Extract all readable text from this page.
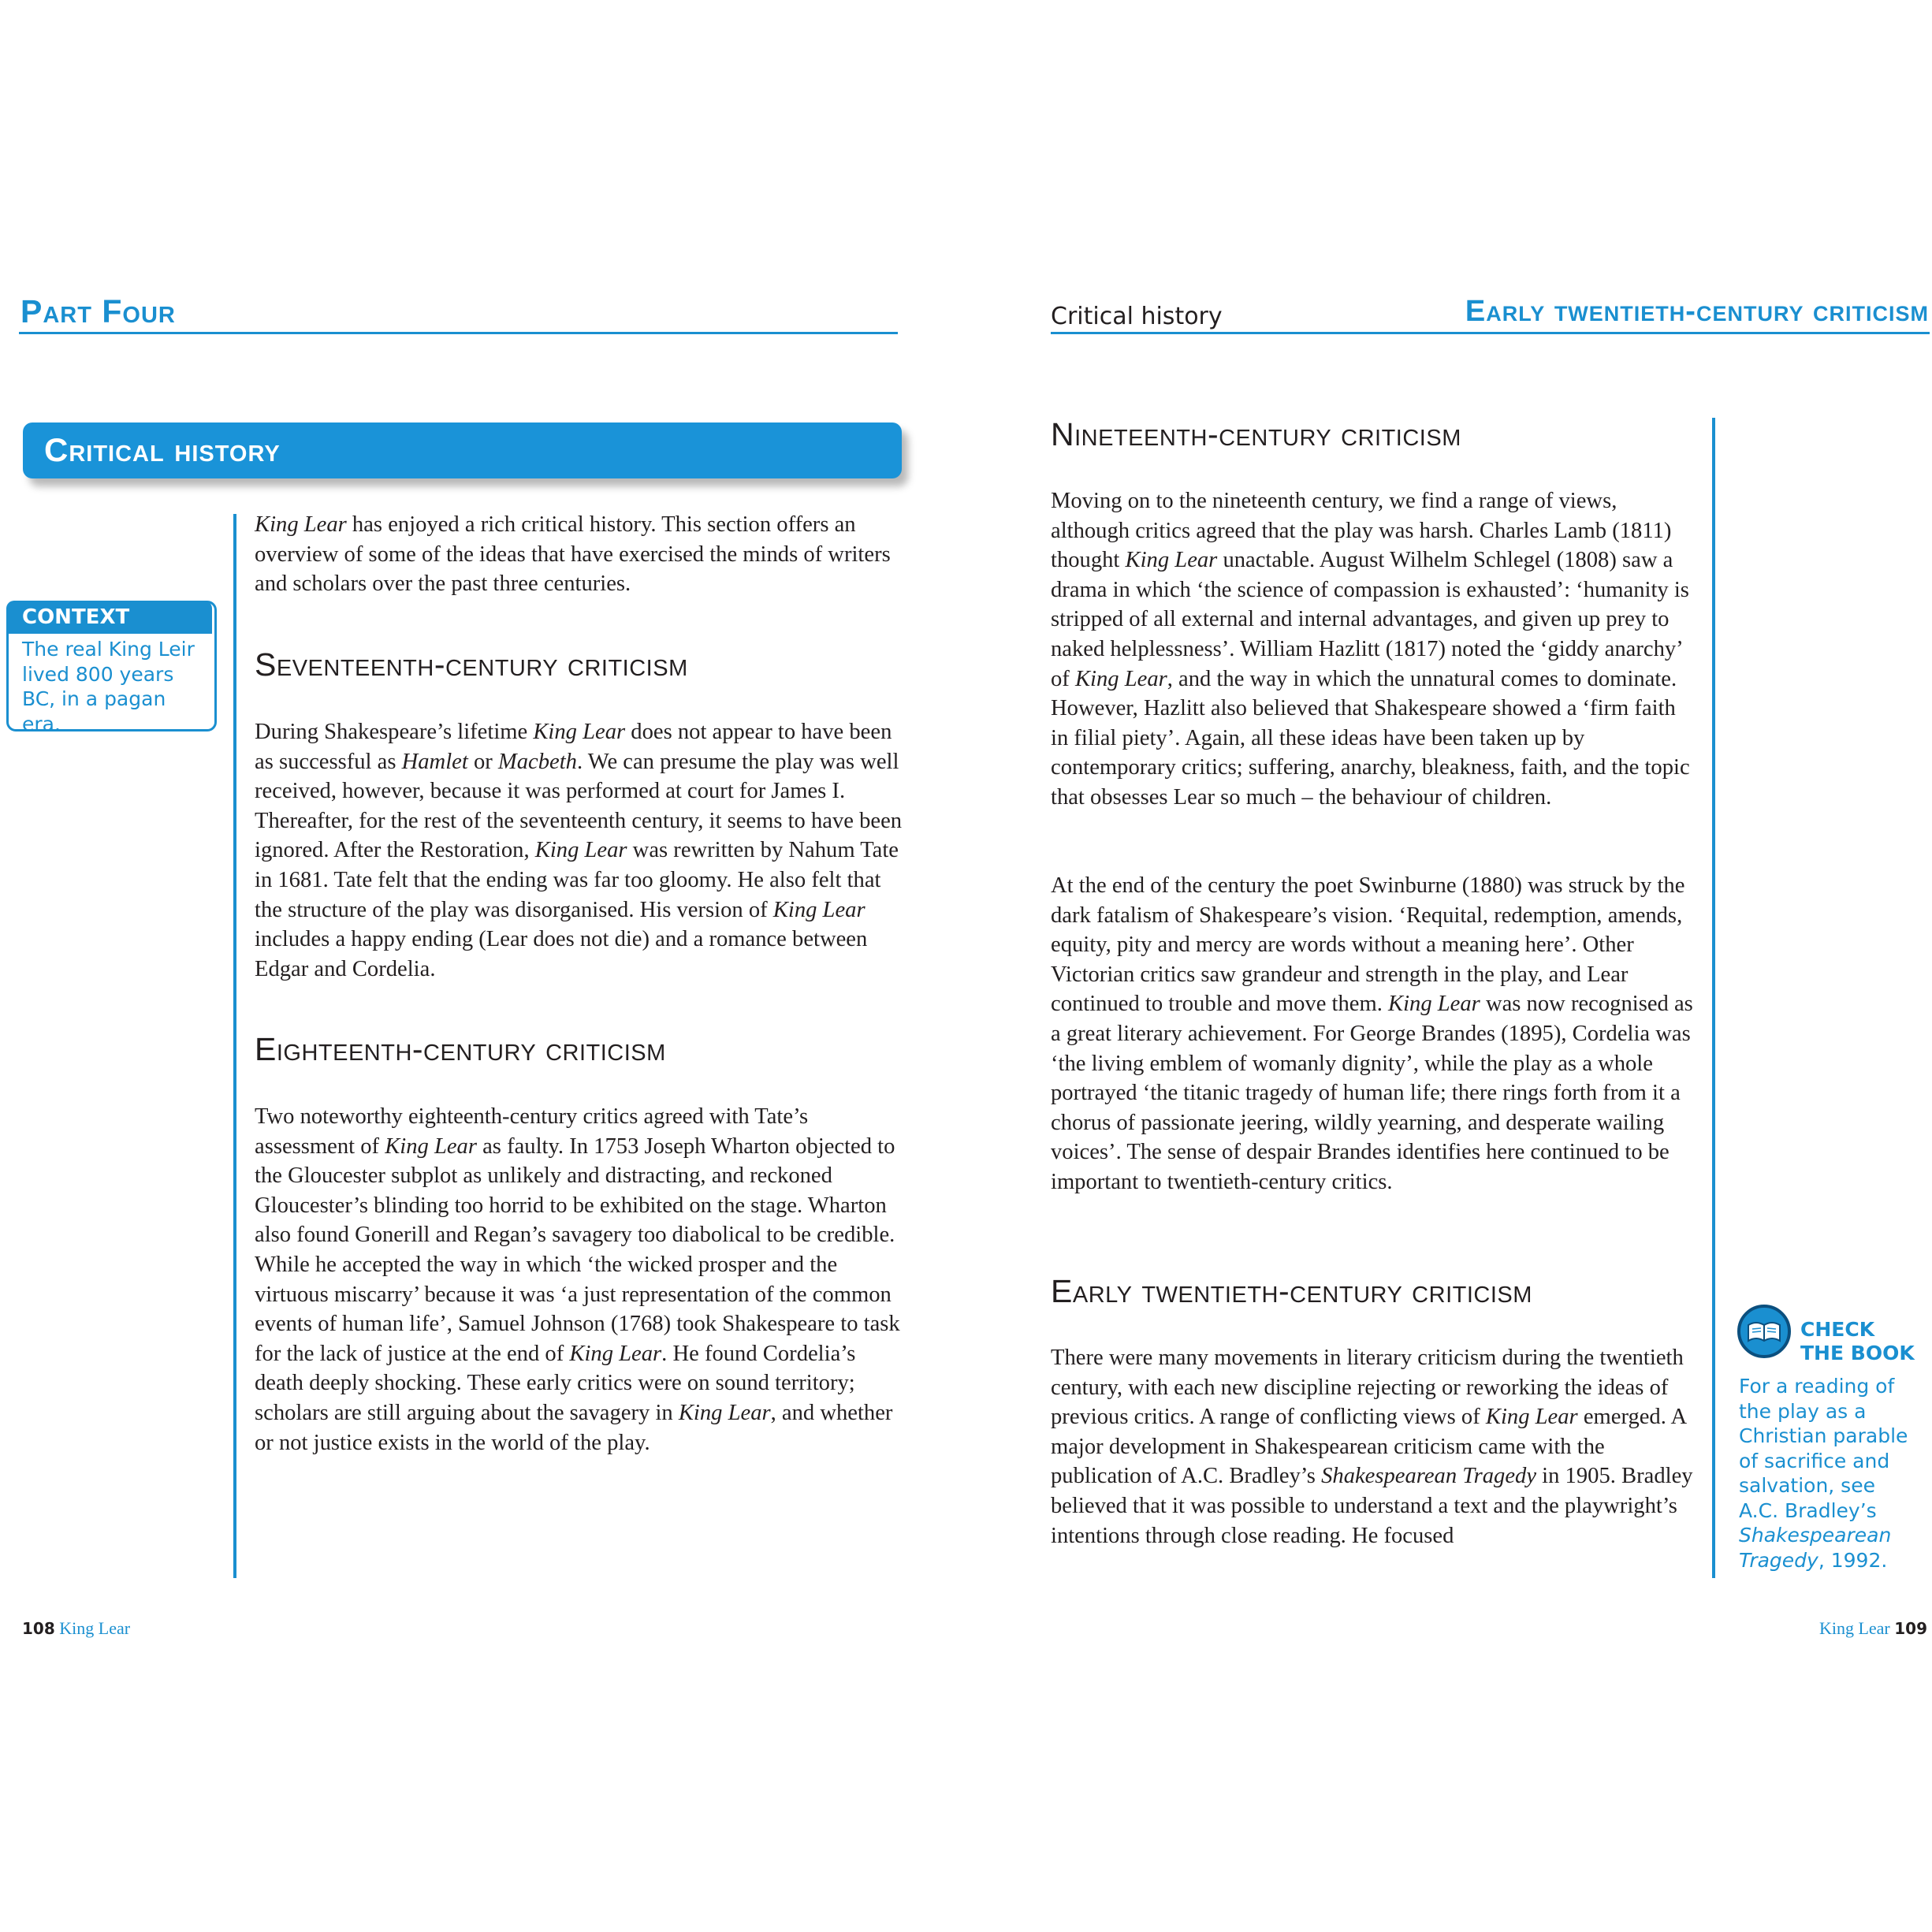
Part Four	Critical history	Early twentieth-century criticism
Critical history
CONTEXT
The real King Leir lived 800 years BC, in a pagan era.

King Lear has enjoyed a rich critical history. This section offers an overview of some of the ideas that have exercised the minds of writers and scholars over the past three centuries.

Seventeenth-century criticism

During Shakespeare’s lifetime King Lear does not appear to have been as successful as Hamlet or Macbeth. We can presume the play was well received, however, because it was performed at court for James I. Thereafter, for the rest of the seventeenth century, it seems to have been ignored. After the Restoration, King Lear was rewritten by Nahum Tate in 1681. Tate felt that the ending was far too gloomy. He also felt that the structure of the play was disorganised. His version of King Lear includes a happy ending (Lear does not die) and a romance between Edgar and Cordelia.

Eighteenth-century criticism

Two noteworthy eighteenth-century critics agreed with Tate’s assessment of King Lear as faulty. In 1753 Joseph Wharton objected to the Gloucester subplot as unlikely and distracting, and reckoned Gloucester’s blinding too horrid to be exhibited on the stage. Wharton also found Gonerill and Regan’s savagery too diabolical to be credible. While he accepted the way in which ‘the wicked prosper and the virtuous miscarry’ because it was ‘a just representation of the common events of human life’, Samuel Johnson (1768) took Shakespeare to task for the lack of justice at the end of King Lear. He found Cordelia’s death deeply shocking. These early critics were on sound territory; scholars are still arguing about the savagery in King Lear, and whether or not justice exists in the world of the play.

Nineteenth-century criticism

Moving on to the nineteenth century, we find a range of views, although critics agreed that the play was harsh. Charles Lamb (1811) thought King Lear unactable. August Wilhelm Schlegel (1808) saw a drama in which ‘the science of compassion is exhausted’: ‘humanity is stripped of all external and internal advantages, and given up prey to naked helplessness’. William Hazlitt (1817) noted the ‘giddy anarchy’ of King Lear, and the way in which the unnatural comes to dominate. However, Hazlitt also believed that Shakespeare showed a ‘firm faith in filial piety’. Again, all these ideas have been taken up by contemporary critics; suffering, anarchy, bleakness, faith, and the topic that obsesses Lear so much – the behaviour of children.

At the end of the century the poet Swinburne (1880) was struck by the dark fatalism of Shakespeare’s vision. ‘Requital, redemption, amends, equity, pity and mercy are words without a meaning here’. Other Victorian critics saw grandeur and strength in the play, and Lear continued to trouble and move them. King Lear was now recognised as a great literary achievement. For George Brandes (1895), Cordelia was ‘the living emblem of womanly dignity’, while the play as a whole portrayed ‘the titanic tragedy of human life; there rings forth from it a chorus of passionate jeering, wildly yearning, and desperate wailing voices’. The sense of despair Brandes identifies here continued to be important to twentieth-century critics.

Early twentieth-century criticism

There were many movements in literary criticism during the twentieth century, with each new discipline rejecting or reworking the ideas of previous critics. A range of conflicting views of King Lear emerged. A major development in Shakespearean criticism came with the publication of A.C. Bradley’s Shakespearean Tragedy in 1905. Bradley believed that it was possible to understand a text and the playwright’s intentions through close reading. He focused

CHECK
THE BOOK
For a reading of the play as a Christian parable of sacrifice and salvation, see A.C. Bradley’s Shakespearean Tragedy, 1992.
108 King Lear	King Lear 109
